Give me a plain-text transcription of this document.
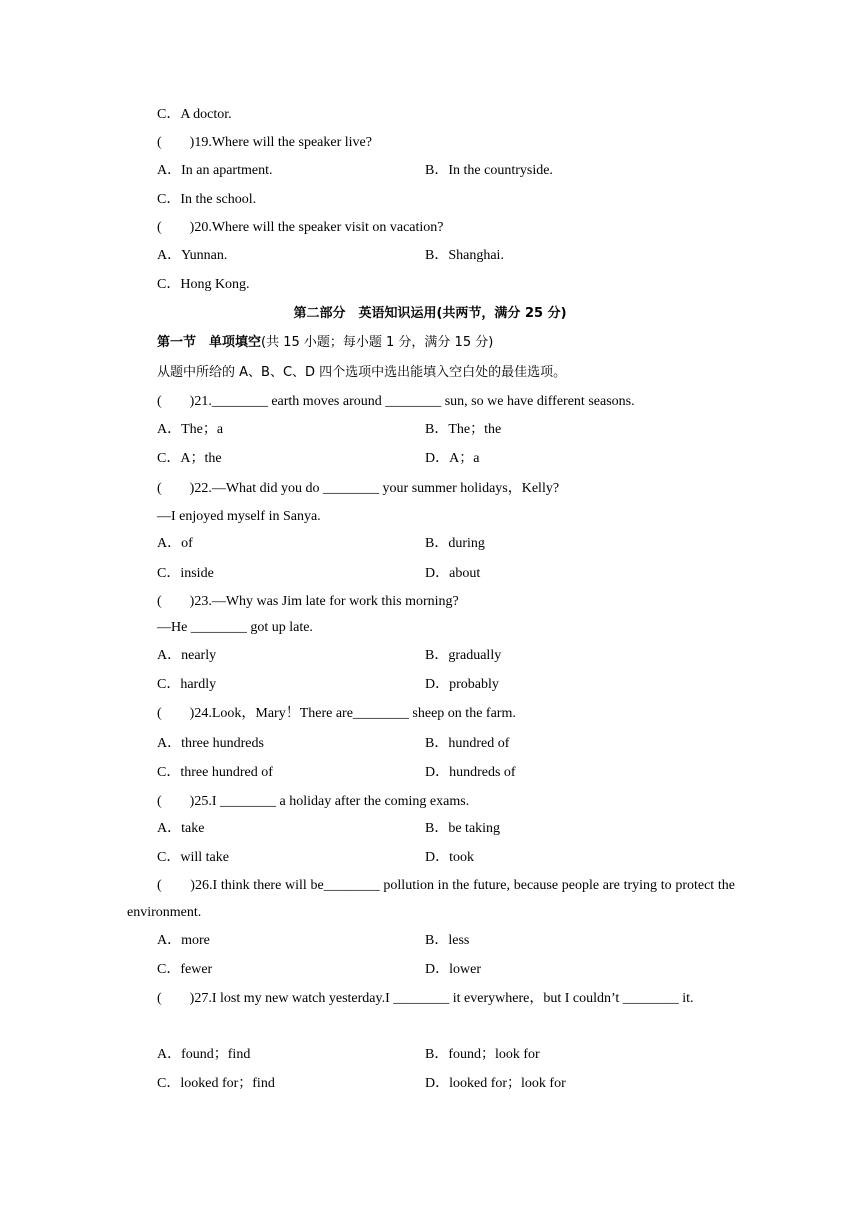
C．A doctor.
(　　)19.Where will the speaker live?
A．In an apartment.	B．In the countryside.
C．In the school.
(　　)20.Where will the speaker visit on vacation?
A．Yunnan.	B．Shanghai.
C．Hong Kong.
第二部分　英语知识运用(共两节，满分 25 分)
第一节　单项填空(共 15 小题；每小题 1 分，满分 15 分)
从题中所给的 A、B、C、D 四个选项中选出能填入空白处的最佳选项。
(　　)21.________ earth moves around ________ sun, so we have different seasons.
A．The；a	B．The；the
C．A；the	D．A；a
(　　)22.—What did you do ________ your summer holidays，Kelly?
—I enjoyed myself in Sanya.
A．of	B．during
C．inside	D．about
(　　)23.—Why was Jim late for work this morning?
—He ________ got up late.
A．nearly	B．gradually
C．hardly	D．probably
(　　)24.Look，Mary！There are________ sheep on the farm.
A．three hundreds	B．hundred of
C．three hundred of	D．hundreds of
(　　)25.I ________ a holiday after the coming exams.
A．take	B．be taking
C．will take	D．took
(　　)26.I think there will be________ pollution in the future, because people are trying to protect the environment.
A．more	B．less
C．fewer	D．lower
(　　)27.I lost my new watch yesterday.I ________ it everywhere，but I couldn’t ________ it.
A．found；find	B．found；look for
C．looked for；find	D．looked for；look for
